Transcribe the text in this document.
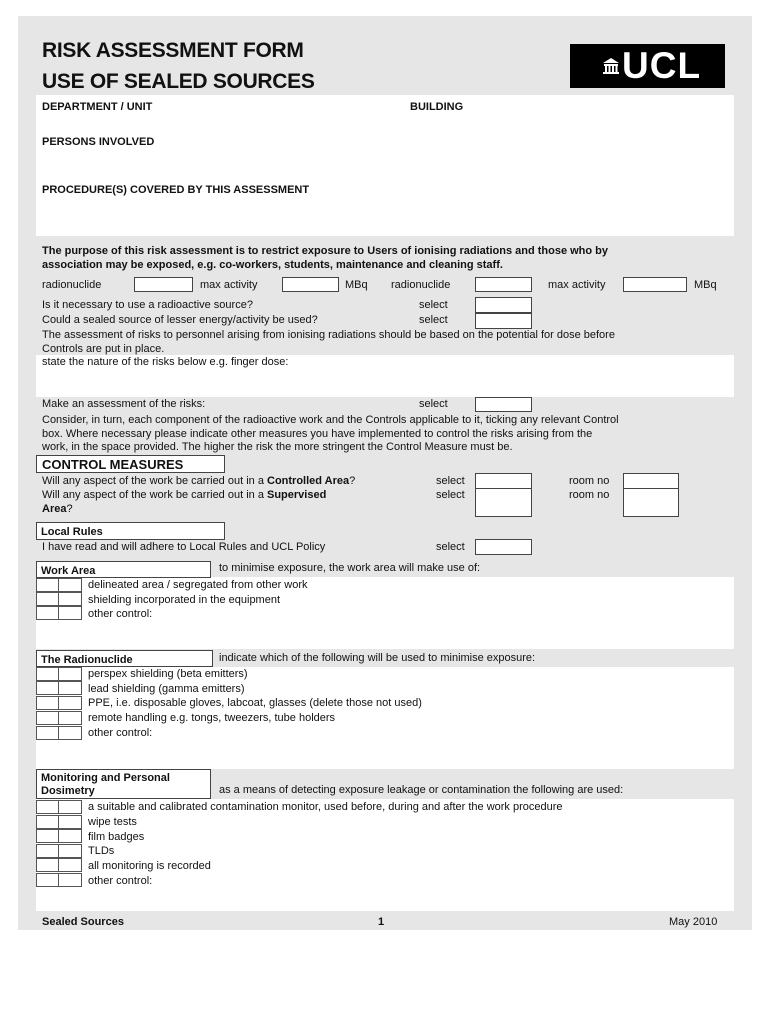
RISK ASSESSMENT FORM
USE OF SEALED SOURCES	UCL
DEPARTMENT / UNIT	BUILDING
PERSONS INVOLVED
PROCEDURE(S) COVERED BY THIS ASSESSMENT
The purpose of this risk assessment is to restrict exposure to Users of ionising radiations and those who by
association may be exposed, e.g. co-workers, students, maintenance and cleaning staff.
radionuclide	max activity	MBq radionuclide	max activity	MBq
Is it necessary to use a radioactive source?	select
Could a sealed source of lesser energy/activity be used?	select
The assessment of risks to personnel arising from ionising radiations should be based on the potential for dose before
Controls are put in place.
state the nature of the risks below e.g. finger dose:
Make an assessment of the risks:	select
Consider, in turn, each component of the radioactive work and the Controls applicable to it, ticking any relevant Control
box. Where necessary please indicate other measures you have implemented to control the risks arising from the
work, in the space provided. The higher the risk the more stringent the Control Measure must be.
CONTROL MEASURES
Will any aspect of the work be carried out in a Controlled Area?	select	room no
Will any aspect of the work be carried out in a Supervised
Area?
select	room no
Local Rules
I have read and will adhere to Local Rules and UCL Policy	select
Work Area	to minimise exposure, the work area will make use of:
delineated area / segregated from other work
shielding incorporated in the equipment
other control:
The Radionuclide	indicate which of the following will be used to minimise exposure:
perspex shielding (beta emitters)
lead shielding (gamma emitters)
PPE, i.e. disposable gloves, labcoat, glasses (delete those not used)
remote handling e.g. tongs, tweezers, tube holders
other control:
Monitoring and Personal
Dosimetry	as a means of detecting exposure leakage or contamination the following are used:
a suitable and calibrated contamination monitor, used before, during and after the work procedure
wipe tests
film badges
TLDs
all monitoring is recorded
other control:
Sealed Sources	1	May 2010
